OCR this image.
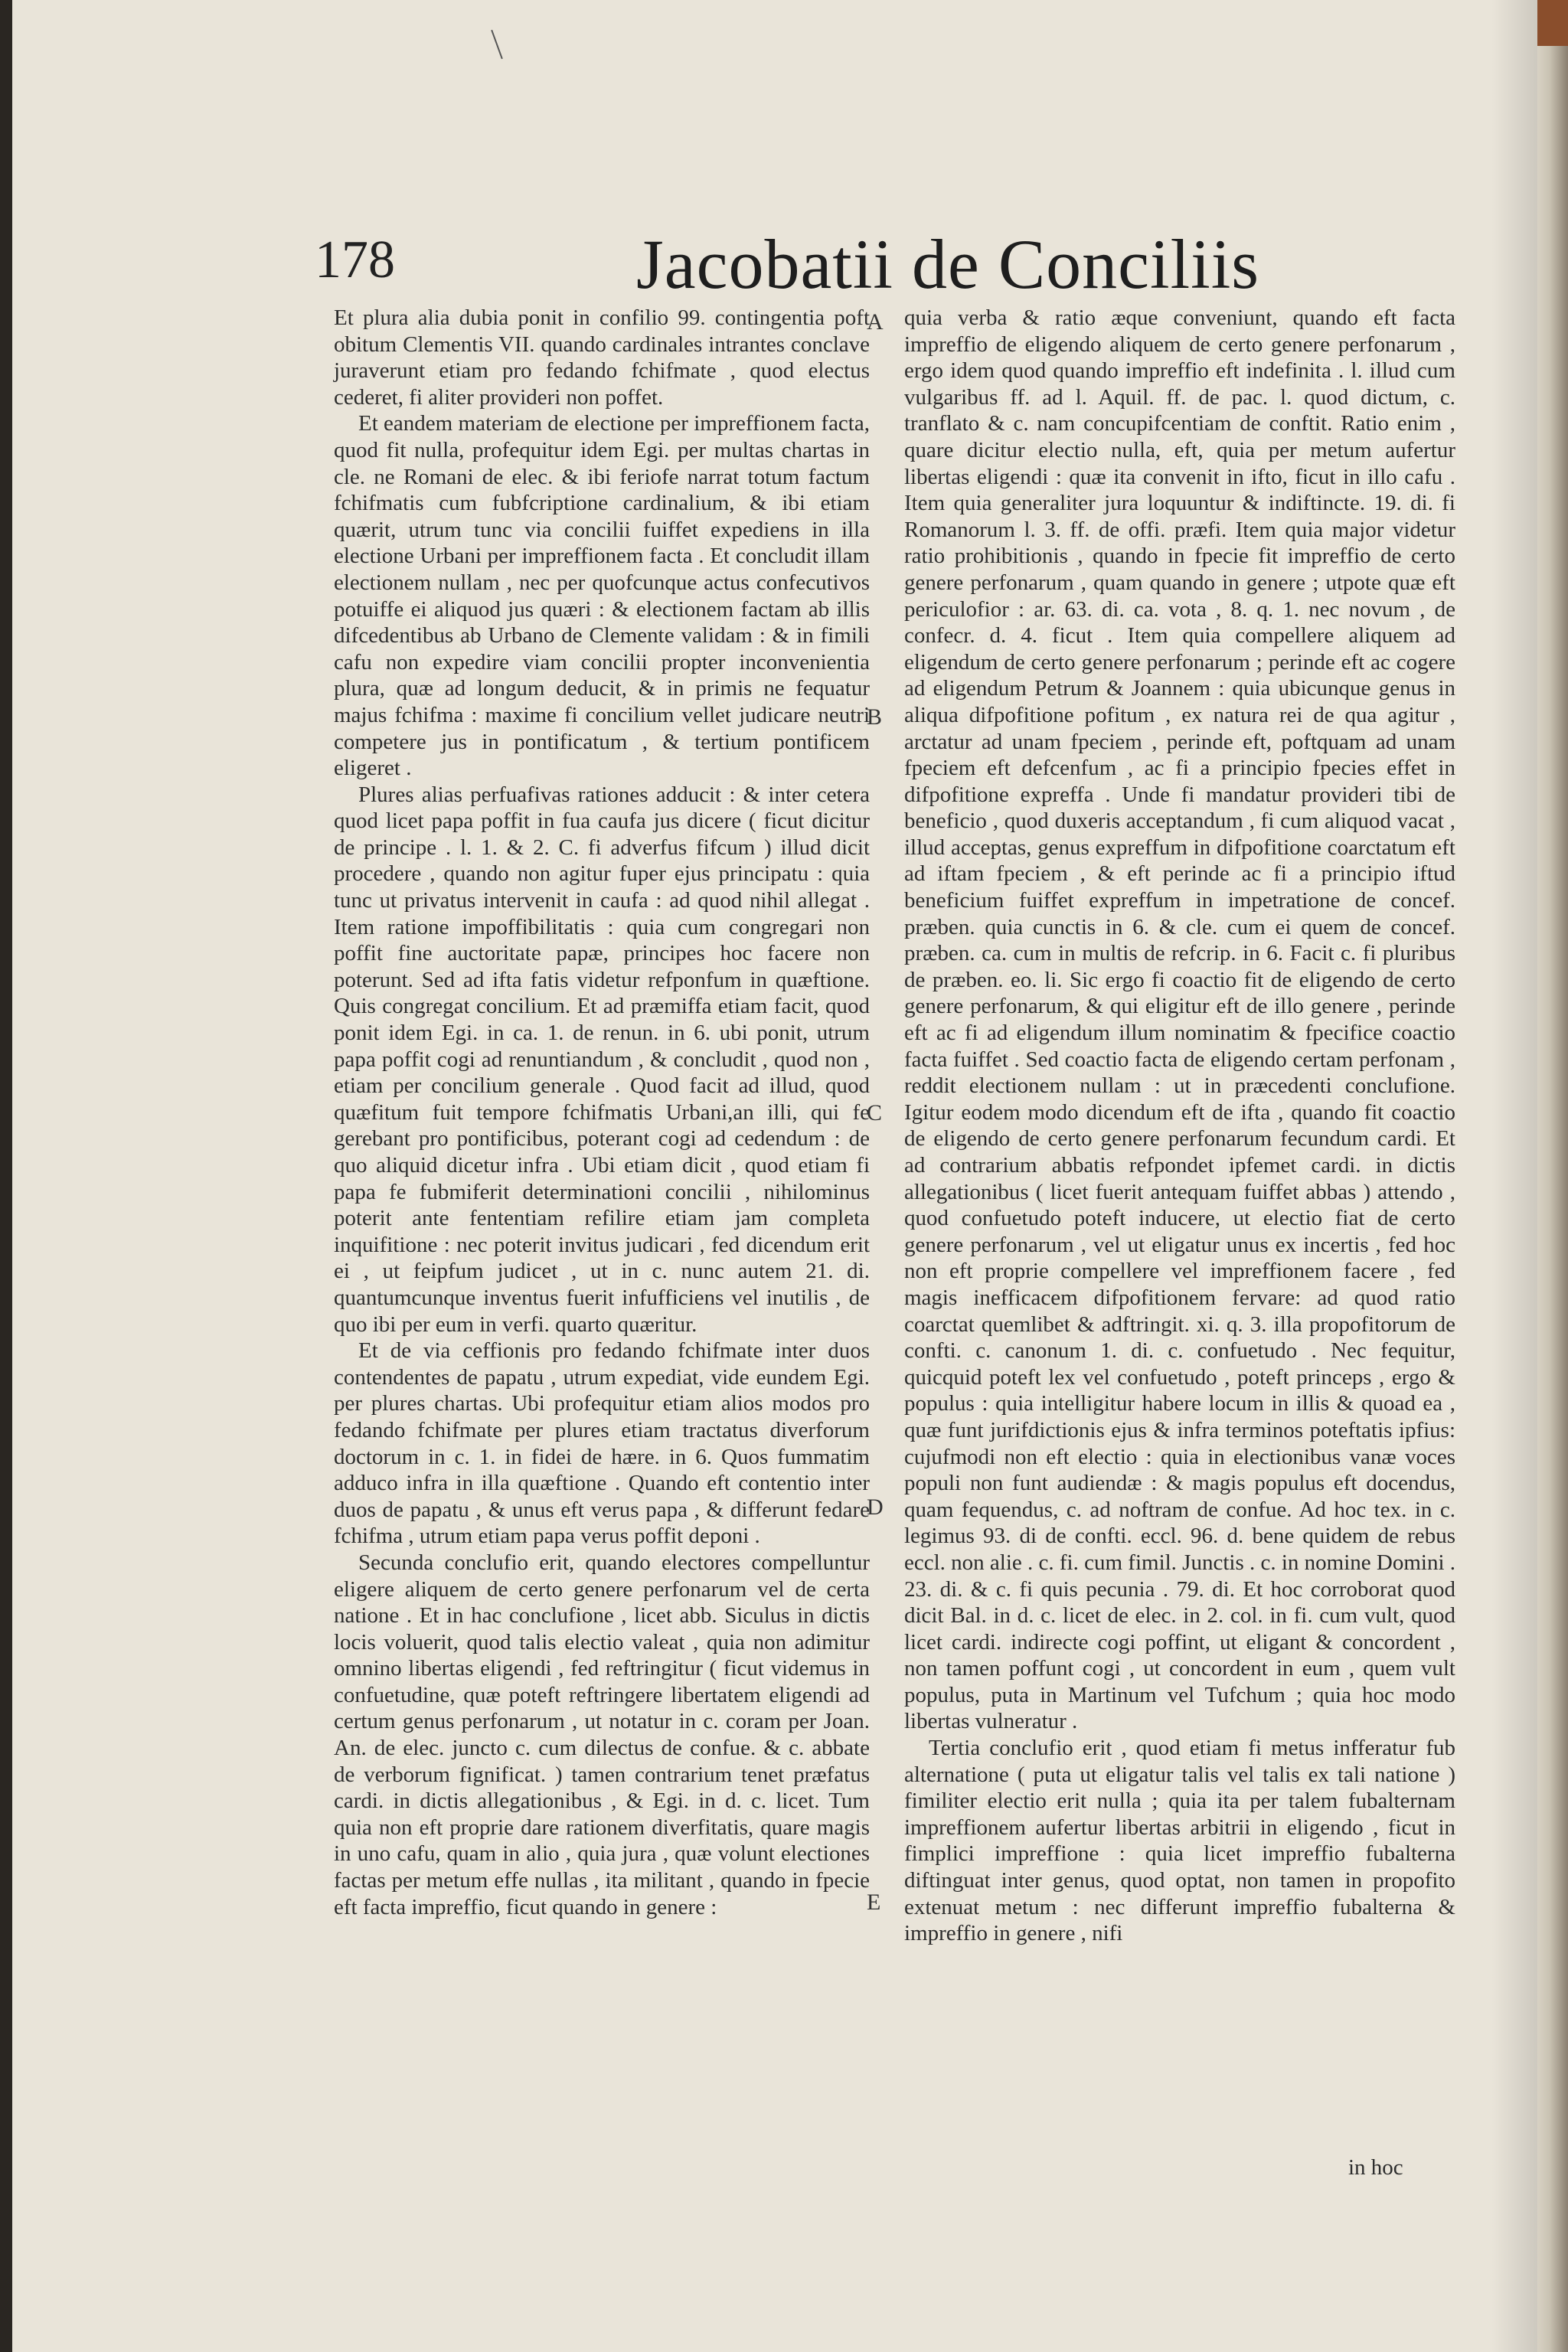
178	Jacobatii de Conciliis

Et plura alia dubia ponit in confilio 99. contingentia poft obitum Clementis VII. quando cardinales intrantes conclave juraverunt etiam pro fedando fchifmate , quod electus cederet, fi aliter provideri non poffet.

Et eandem materiam de electione per impreffionem facta, quod fit nulla, profequitur idem Egi. per multas chartas in cle. ne Romani de elec. & ibi feriofe narrat totum factum fchifmatis cum fubfcriptione cardinalium, & ibi etiam quærit, utrum tunc via concilii fuiffet expediens in illa electione Urbani per impreffionem facta . Et concludit illam electionem nullam , nec per quofcunque actus confecutivos potuiffe ei aliquod jus quæri : & electionem factam ab illis difcedentibus ab Urbano de Clemente validam : & in fimili cafu non expedire viam concilii propter inconvenientia plura, quæ ad longum deducit, & in primis ne fequatur majus fchifma : maxime fi concilium vellet judicare neutri competere jus in pontificatum , & tertium pontificem eligeret .

Plures alias perfuafivas rationes adducit : & inter cetera quod licet papa poffit in fua caufa jus dicere ( ficut dicitur de principe . l. 1. & 2. C. fi adverfus fifcum ) illud dicit procedere , quando non agitur fuper ejus principatu : quia tunc ut privatus intervenit in caufa : ad quod nihil allegat . Item ratione impoffibilitatis : quia cum congregari non poffit fine auctoritate papæ, principes hoc facere non poterunt. Sed ad ifta fatis videtur refponfum in quæftione. Quis congregat concilium. Et ad præmiffa etiam facit, quod ponit idem Egi. in ca. 1. de renun. in 6. ubi ponit, utrum papa poffit cogi ad renuntiandum , & concludit , quod non , etiam per concilium generale . Quod facit ad illud, quod quæfitum fuit tempore fchifmatis Urbani,an illi, qui fe gerebant pro pontificibus, poterant cogi ad cedendum : de quo aliquid dicetur infra . Ubi etiam dicit , quod etiam fi papa fe fubmiferit determinationi concilii , nihilominus poterit ante fententiam refilire etiam jam completa inquifitione : nec poterit invitus judicari , fed dicendum erit ei , ut feipfum judicet , ut in c. nunc autem 21. di. quantumcunque inventus fuerit infufficiens vel inutilis , de quo ibi per eum in verfi. quarto quæritur.

Et de via ceffionis pro fedando fchifmate inter duos contendentes de papatu , utrum expediat, vide eundem Egi. per plures chartas. Ubi profequitur etiam alios modos pro fedando fchifmate per plures etiam tractatus diverforum doctorum in c. 1. in fidei de hære. in 6. Quos fummatim adduco infra in illa quæftione . Quando eft contentio inter duos de papatu , & unus eft verus papa , & differunt fedare fchifma , utrum etiam papa verus poffit deponi .

Secunda conclufio erit, quando electores compelluntur eligere aliquem de certo genere perfonarum vel de certa natione . Et in hac conclufione , licet abb. Siculus in dictis locis voluerit, quod talis electio valeat , quia non adimitur omnino libertas eligendi , fed reftringitur ( ficut videmus in confuetudine, quæ poteft reftringere libertatem eligendi ad certum genus perfonarum , ut notatur in c. coram per Joan. An. de elec. juncto c. cum dilectus de confue. & c. abbate de verborum fignificat. ) tamen contrarium tenet præfatus cardi. in dictis allegationibus , & Egi. in d. c. licet. Tum quia non eft proprie dare rationem diverfitatis, quare magis in uno cafu, quam in alio , quia jura , quæ volunt electiones factas per metum effe nullas , ita militant , quando in fpecie eft facta impreffio, ficut quando in genere :

A
B
C
D
E

quia verba & ratio æque conveniunt, quando eft facta impreffio de eligendo aliquem de certo genere perfonarum , ergo idem quod quando impreffio eft indefinita . l. illud cum vulgaribus ff. ad l. Aquil. ff. de pac. l. quod dictum, c. tranflato & c. nam concupifcentiam de conftit. Ratio enim , quare dicitur electio nulla, eft, quia per metum aufertur libertas eligendi : quæ ita convenit in ifto, ficut in illo cafu . Item quia generaliter jura loquuntur & indiftincte. 19. di. fi Romanorum l. 3. ff. de offi. præfi. Item quia major videtur ratio prohibitionis , quando in fpecie fit impreffio de certo genere perfonarum , quam quando in genere ; utpote quæ eft periculofior : ar. 63. di. ca. vota , 8. q. 1. nec novum , de confecr. d. 4. ficut . Item quia compellere aliquem ad eligendum de certo genere perfonarum ; perinde eft ac cogere ad eligendum Petrum & Joannem : quia ubicunque genus in aliqua difpofitione pofitum , ex natura rei de qua agitur , arctatur ad unam fpeciem , perinde eft, poftquam ad unam fpeciem eft defcenfum , ac fi a principio fpecies effet in difpofitione expreffa . Unde fi mandatur provideri tibi de beneficio , quod duxeris acceptandum , fi cum aliquod vacat , illud acceptas, genus expreffum in difpofitione coarctatum eft ad iftam fpeciem , & eft perinde ac fi a principio iftud beneficium fuiffet expreffum in impetratione de concef. præben. quia cunctis in 6. & cle. cum ei quem de concef. præben. ca. cum in multis de refcrip. in 6. Facit c. fi pluribus de præben. eo. li. Sic ergo fi coactio fit de eligendo de certo genere perfonarum, & qui eligitur eft de illo genere , perinde eft ac fi ad eligendum illum nominatim & fpecifice coactio facta fuiffet . Sed coactio facta de eligendo certam perfonam , reddit electionem nullam : ut in præcedenti conclufione. Igitur eodem modo dicendum eft de ifta , quando fit coactio de eligendo de certo genere perfonarum fecundum cardi. Et ad contrarium abbatis refpondet ipfemet cardi. in dictis allegationibus ( licet fuerit antequam fuiffet abbas ) attendo , quod confuetudo poteft inducere, ut electio fiat de certo genere perfonarum , vel ut eligatur unus ex incertis , fed hoc non eft proprie compellere vel impreffionem facere , fed magis inefficacem difpofitionem fervare: ad quod ratio coarctat quemlibet & adftringit. xi. q. 3. illa propofitorum de confti. c. canonum 1. di. c. confuetudo . Nec fequitur, quicquid poteft lex vel confuetudo , poteft princeps , ergo & populus : quia intelligitur habere locum in illis & quoad ea , quæ funt jurifdictionis ejus & infra terminos poteftatis ipfius: cujufmodi non eft electio : quia in electionibus vanæ voces populi non funt audiendæ : & magis populus eft docendus, quam fequendus, c. ad noftram de confue. Ad hoc tex. in c. legimus 93. di de confti. eccl. 96. d. bene quidem de rebus eccl. non alie . c. fi. cum fimil. Junctis . c. in nomine Domini . 23. di. & c. fi quis pecunia . 79. di. Et hoc corroborat quod dicit Bal. in d. c. licet de elec. in 2. col. in fi. cum vult, quod licet cardi. indirecte cogi poffint, ut eligant & concordent , non tamen poffunt cogi , ut concordent in eum , quem vult populus, puta in Martinum vel Tufchum ; quia hoc modo libertas vulneratur .

Tertia conclufio erit , quod etiam fi metus infferatur fub alternatione ( puta ut eligatur talis vel talis ex tali natione ) fimiliter electio erit nulla ; quia ita per talem fubalternam impreffionem aufertur libertas arbitrii in eligendo , ficut in fimplici impreffione : quia licet impreffio fubalterna diftinguat inter genus, quod optat, non tamen in propofito extenuat metum : nec differunt impreffio fubalterna & impreffio in genere , nifi

in hoc
